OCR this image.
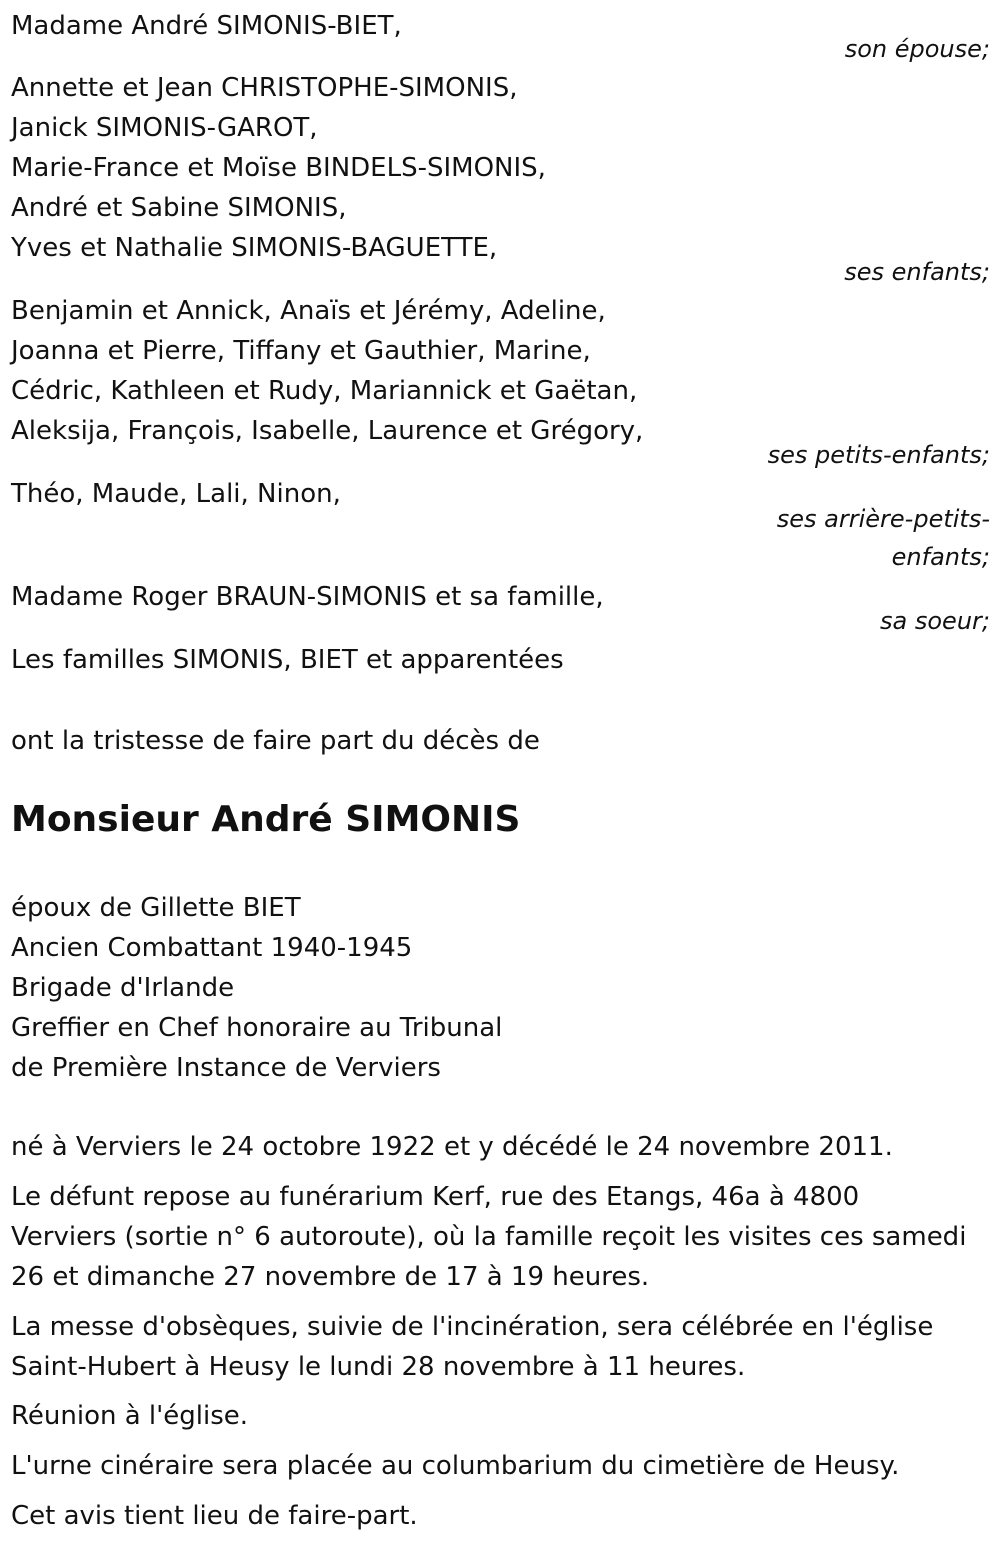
Madame André SIMONIS-BIET,
son épouse;
Annette et Jean CHRISTOPHE-SIMONIS,
Janick SIMONIS-GAROT,
Marie-France et Moïse BINDELS-SIMONIS,
André et Sabine SIMONIS,
Yves et Nathalie SIMONIS-BAGUETTE,
ses enfants;
Benjamin et Annick, Anaïs et Jérémy, Adeline,
Joanna et Pierre, Tiffany et Gauthier, Marine,
Cédric, Kathleen et Rudy, Mariannick et Gaëtan,
Aleksija, François, Isabelle, Laurence et Grégory,
ses petits-enfants;
Théo, Maude, Lali, Ninon,
ses arrière-petits-
enfants;
Madame Roger BRAUN-SIMONIS et sa famille,
sa soeur;
Les familles SIMONIS, BIET et apparentées
ont la tristesse de faire part du décès de
Monsieur André SIMONIS
époux de Gillette BIET
Ancien Combattant 1940-1945
Brigade d'Irlande
Greffier en Chef honoraire au Tribunal
de Première Instance de Verviers
né à Verviers le 24 octobre 1922 et y décédé le 24 novembre 2011.
Le défunt repose au funérarium Kerf, rue des Etangs, 46a à 4800
Verviers (sortie n° 6 autoroute), où la famille reçoit les visites ces samedi
26 et dimanche 27 novembre de 17 à 19 heures.
La messe d'obsèques, suivie de l'incinération, sera célébrée en l'église
Saint-Hubert à Heusy le lundi 28 novembre à 11 heures.
Réunion à l'église.
L'urne cinéraire sera placée au columbarium du cimetière de Heusy.
Cet avis tient lieu de faire-part.
